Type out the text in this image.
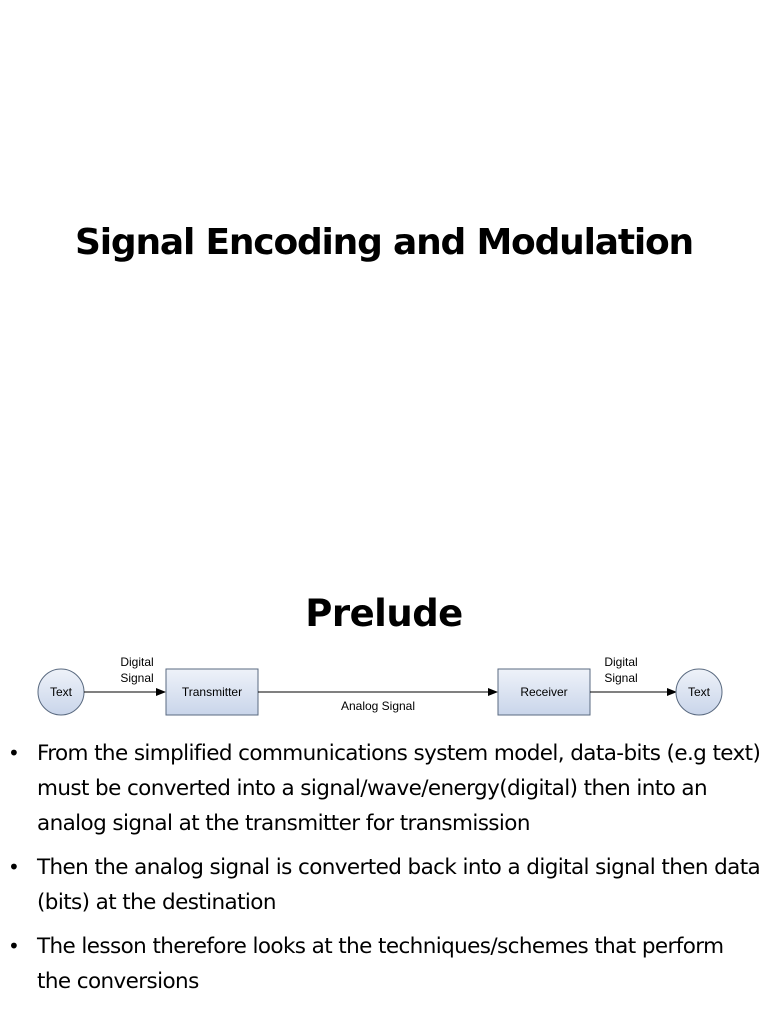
Signal Encoding and Modulation
Prelude
Text
Digital
Signal
Transmitter
Analog Signal
Receiver
Digital
Signal
Text
• From the simplified communications system model, data-bits (e.g text) must be converted into a signal/wave/energy(digital) then into an analog signal at the transmitter for transmission
• Then the analog signal is converted back into a digital signal then data (bits) at the destination
• The lesson therefore looks at the techniques/schemes that perform the conversions
